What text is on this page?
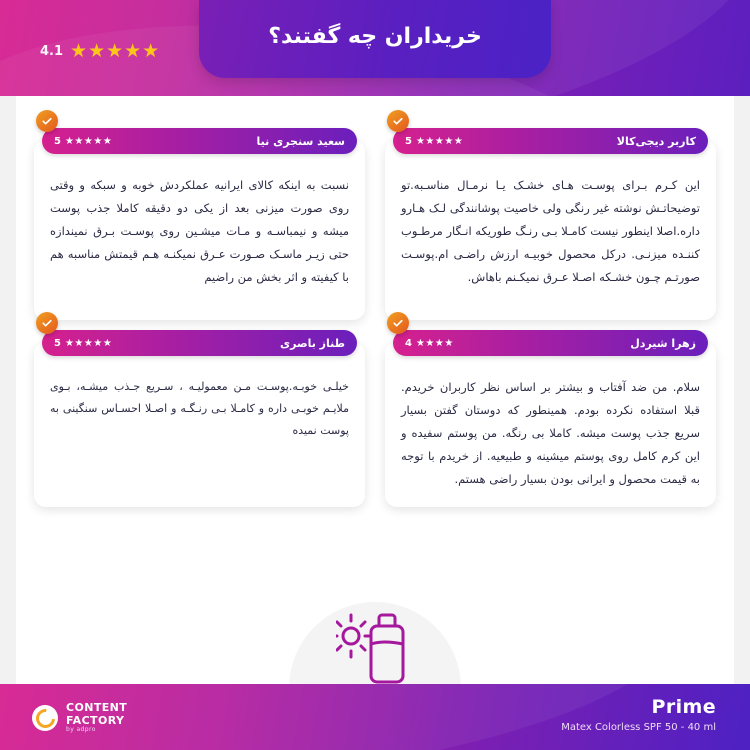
★★★★★
4.1
خریداران چه گفتند؟
کاربر دیجی‌کالا
5 ★★★★★
این کـرم بـرای پوسـت هـای خشـک یـا نرمـال مناسـبه.تو توضیحاتـش نوشته غیر رنگی ولی خاصیت پوشانندگی لـک هـارو داره.اصلا اینطور نیست کامـلا بـی رنـگ طوریکه انـگار مرطـوب کننـده میزنـی. درکل محصول خوبیـه ارزش راضـی ام.پوسـت صورتـم چـون خشـکه اصـلا عـرق نمیکـنم باهاش.
سعید سنجری نیا
5 ★★★★★
نسبت به اینکه کالای ایرانیه عملکردش خوبه و سبکه و وقتی روی صورت میزنی بعد از یکی دو دقیقه کاملا جذب پوست میشه و نیمباسـه و مـات میشـین روی پوسـت بـرق نمیندازه حتی زیـر ماسـک صـورت عـرق نمیکنـه هـم قیمتش مناسبه هم با کیفیته و اثر بخش من راضیم
زهرا شیردل
4 ★★★★
سلام. من ضد آفتاب و بیشتر بر اساس نظر کاربران خریدم. قبلا استفاده نکرده بودم. همینطور که دوستان گفتن بسیار سریع جذب پوست میشه. کاملا بی رنگه. من پوستم سفیده و این کرم کامل روی پوستم میشینه و طبیعیه. از خریدم با توجه به قیمت محصول و ایرانی بودن بسیار راضی هستم.
طناز باصری
5 ★★★★★
خیلـی خوبـه.پوسـت مـن معمولیـه ، سـریع جـذب میشـه، بـوی ملایـم خوبـی داره و کامـلا بـی رنـگـه و اصـلا احسـاس سنگینی به پوست نمیده
Prime
Matex Colorless SPF 50 - 40 ml
CONTENT
FACTORY
by adpro
